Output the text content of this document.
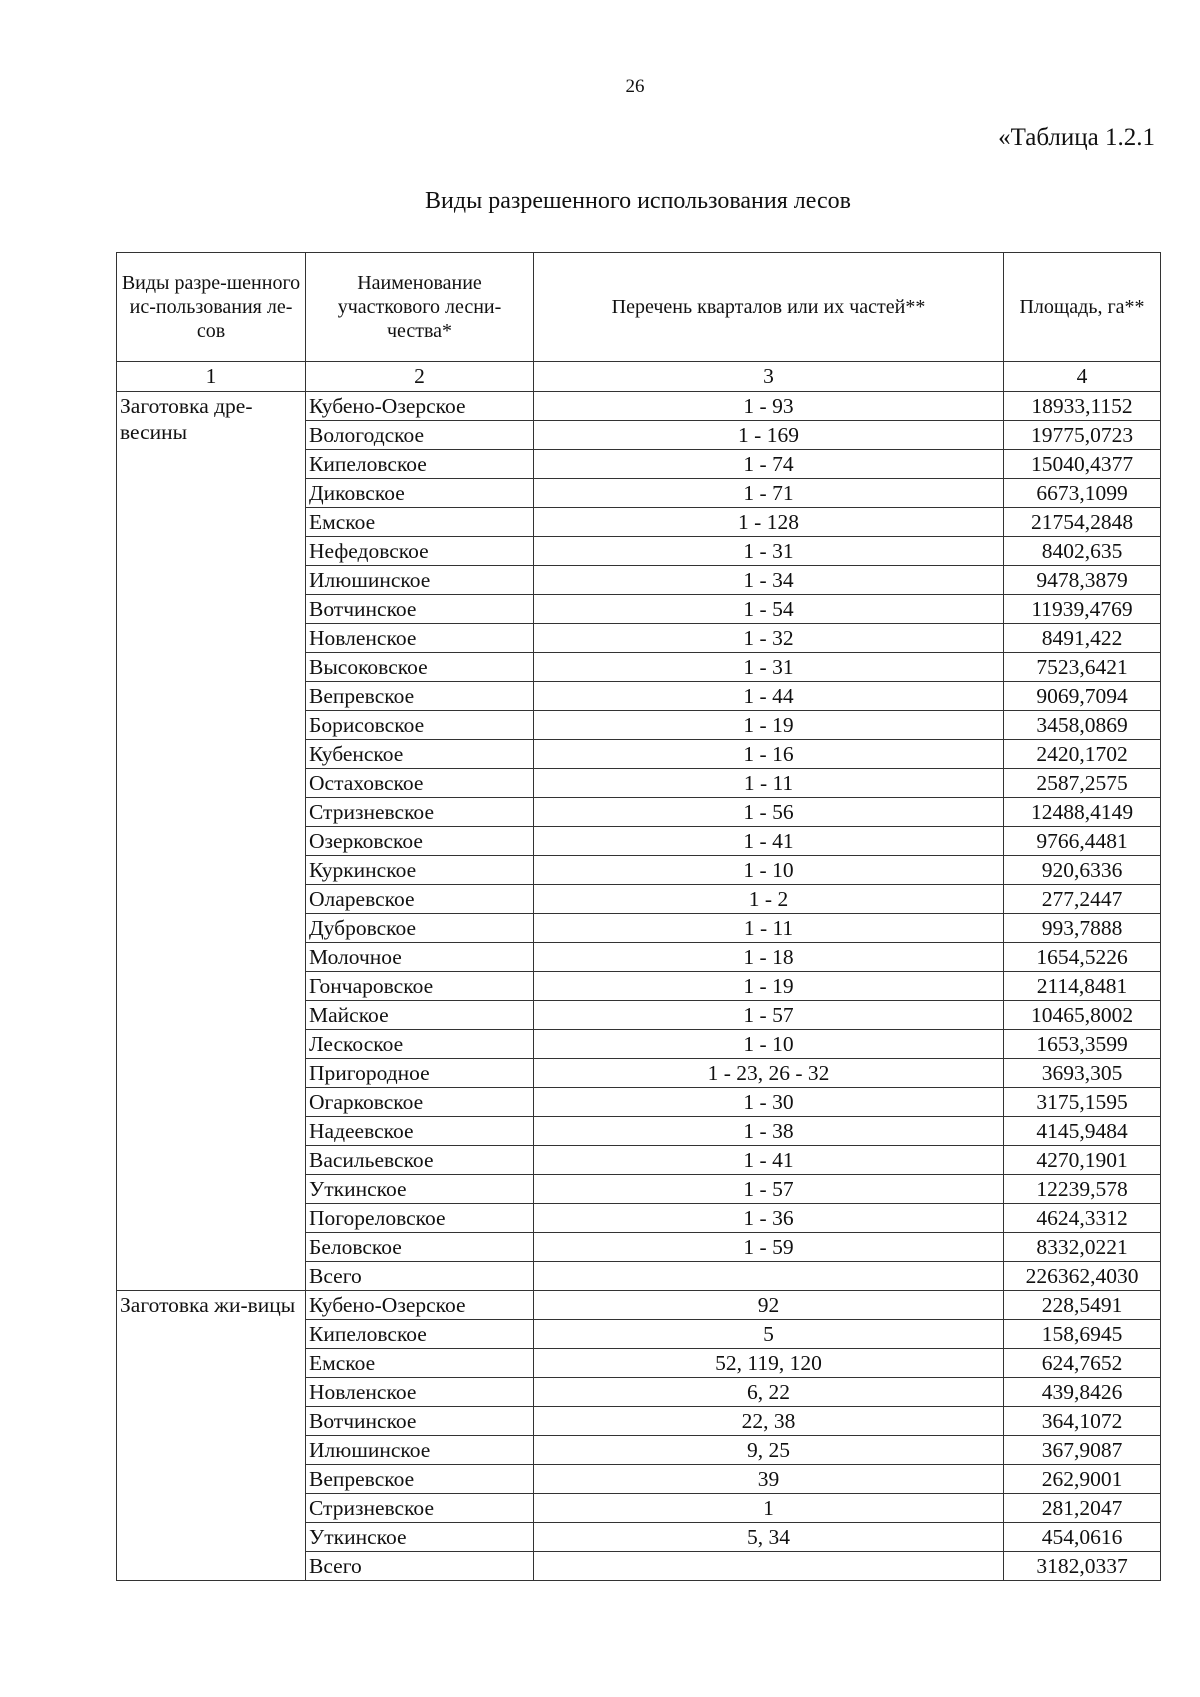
26
«Таблица 1.2.1
Виды разрешенного использования лесов
Виды разре-шенного ис-пользования ле-сов	Наименование участкового лесни-чества*	Перечень кварталов или их частей**	Площадь, га**
1	2	3	4
Заготовка дре-весины	Кубено-Озерское	1 - 93	18933,1152
	Вологодское	1 - 169	19775,0723
	Кипеловское	1 - 74	15040,4377
	Диковское	1 - 71	6673,1099
	Емское	1 - 128	21754,2848
	Нефедовское	1 - 31	8402,635
	Илюшинское	1 - 34	9478,3879
	Вотчинское	1 - 54	11939,4769
	Новленское	1 - 32	8491,422
	Высоковское	1 - 31	7523,6421
	Вепревское	1 - 44	9069,7094
	Борисовское	1 - 19	3458,0869
	Кубенское	1 - 16	2420,1702
	Остаховское	1 - 11	2587,2575
	Стризневское	1 - 56	12488,4149
	Озерковское	1 - 41	9766,4481
	Куркинское	1 - 10	920,6336
	Оларевское	1 - 2	277,2447
	Дубровское	1 - 11	993,7888
	Молочное	1 - 18	1654,5226
	Гончаровское	1 - 19	2114,8481
	Майское	1 - 57	10465,8002
	Лескоское	1 - 10	1653,3599
	Пригородное	1 - 23, 26 - 32	3693,305
	Огарковское	1 - 30	3175,1595
	Надеевское	1 - 38	4145,9484
	Васильевское	1 - 41	4270,1901
	Уткинское	1 - 57	12239,578
	Погореловское	1 - 36	4624,3312
	Беловское	1 - 59	8332,0221
	Всего		226362,4030
Заготовка жи-вицы	Кубено-Озерское	92	228,5491
	Кипеловское	5	158,6945
	Емское	52, 119, 120	624,7652
	Новленское	6, 22	439,8426
	Вотчинское	22, 38	364,1072
	Илюшинское	9, 25	367,9087
	Вепревское	39	262,9001
	Стризневское	1	281,2047
	Уткинское	5, 34	454,0616
	Всего		3182,0337
